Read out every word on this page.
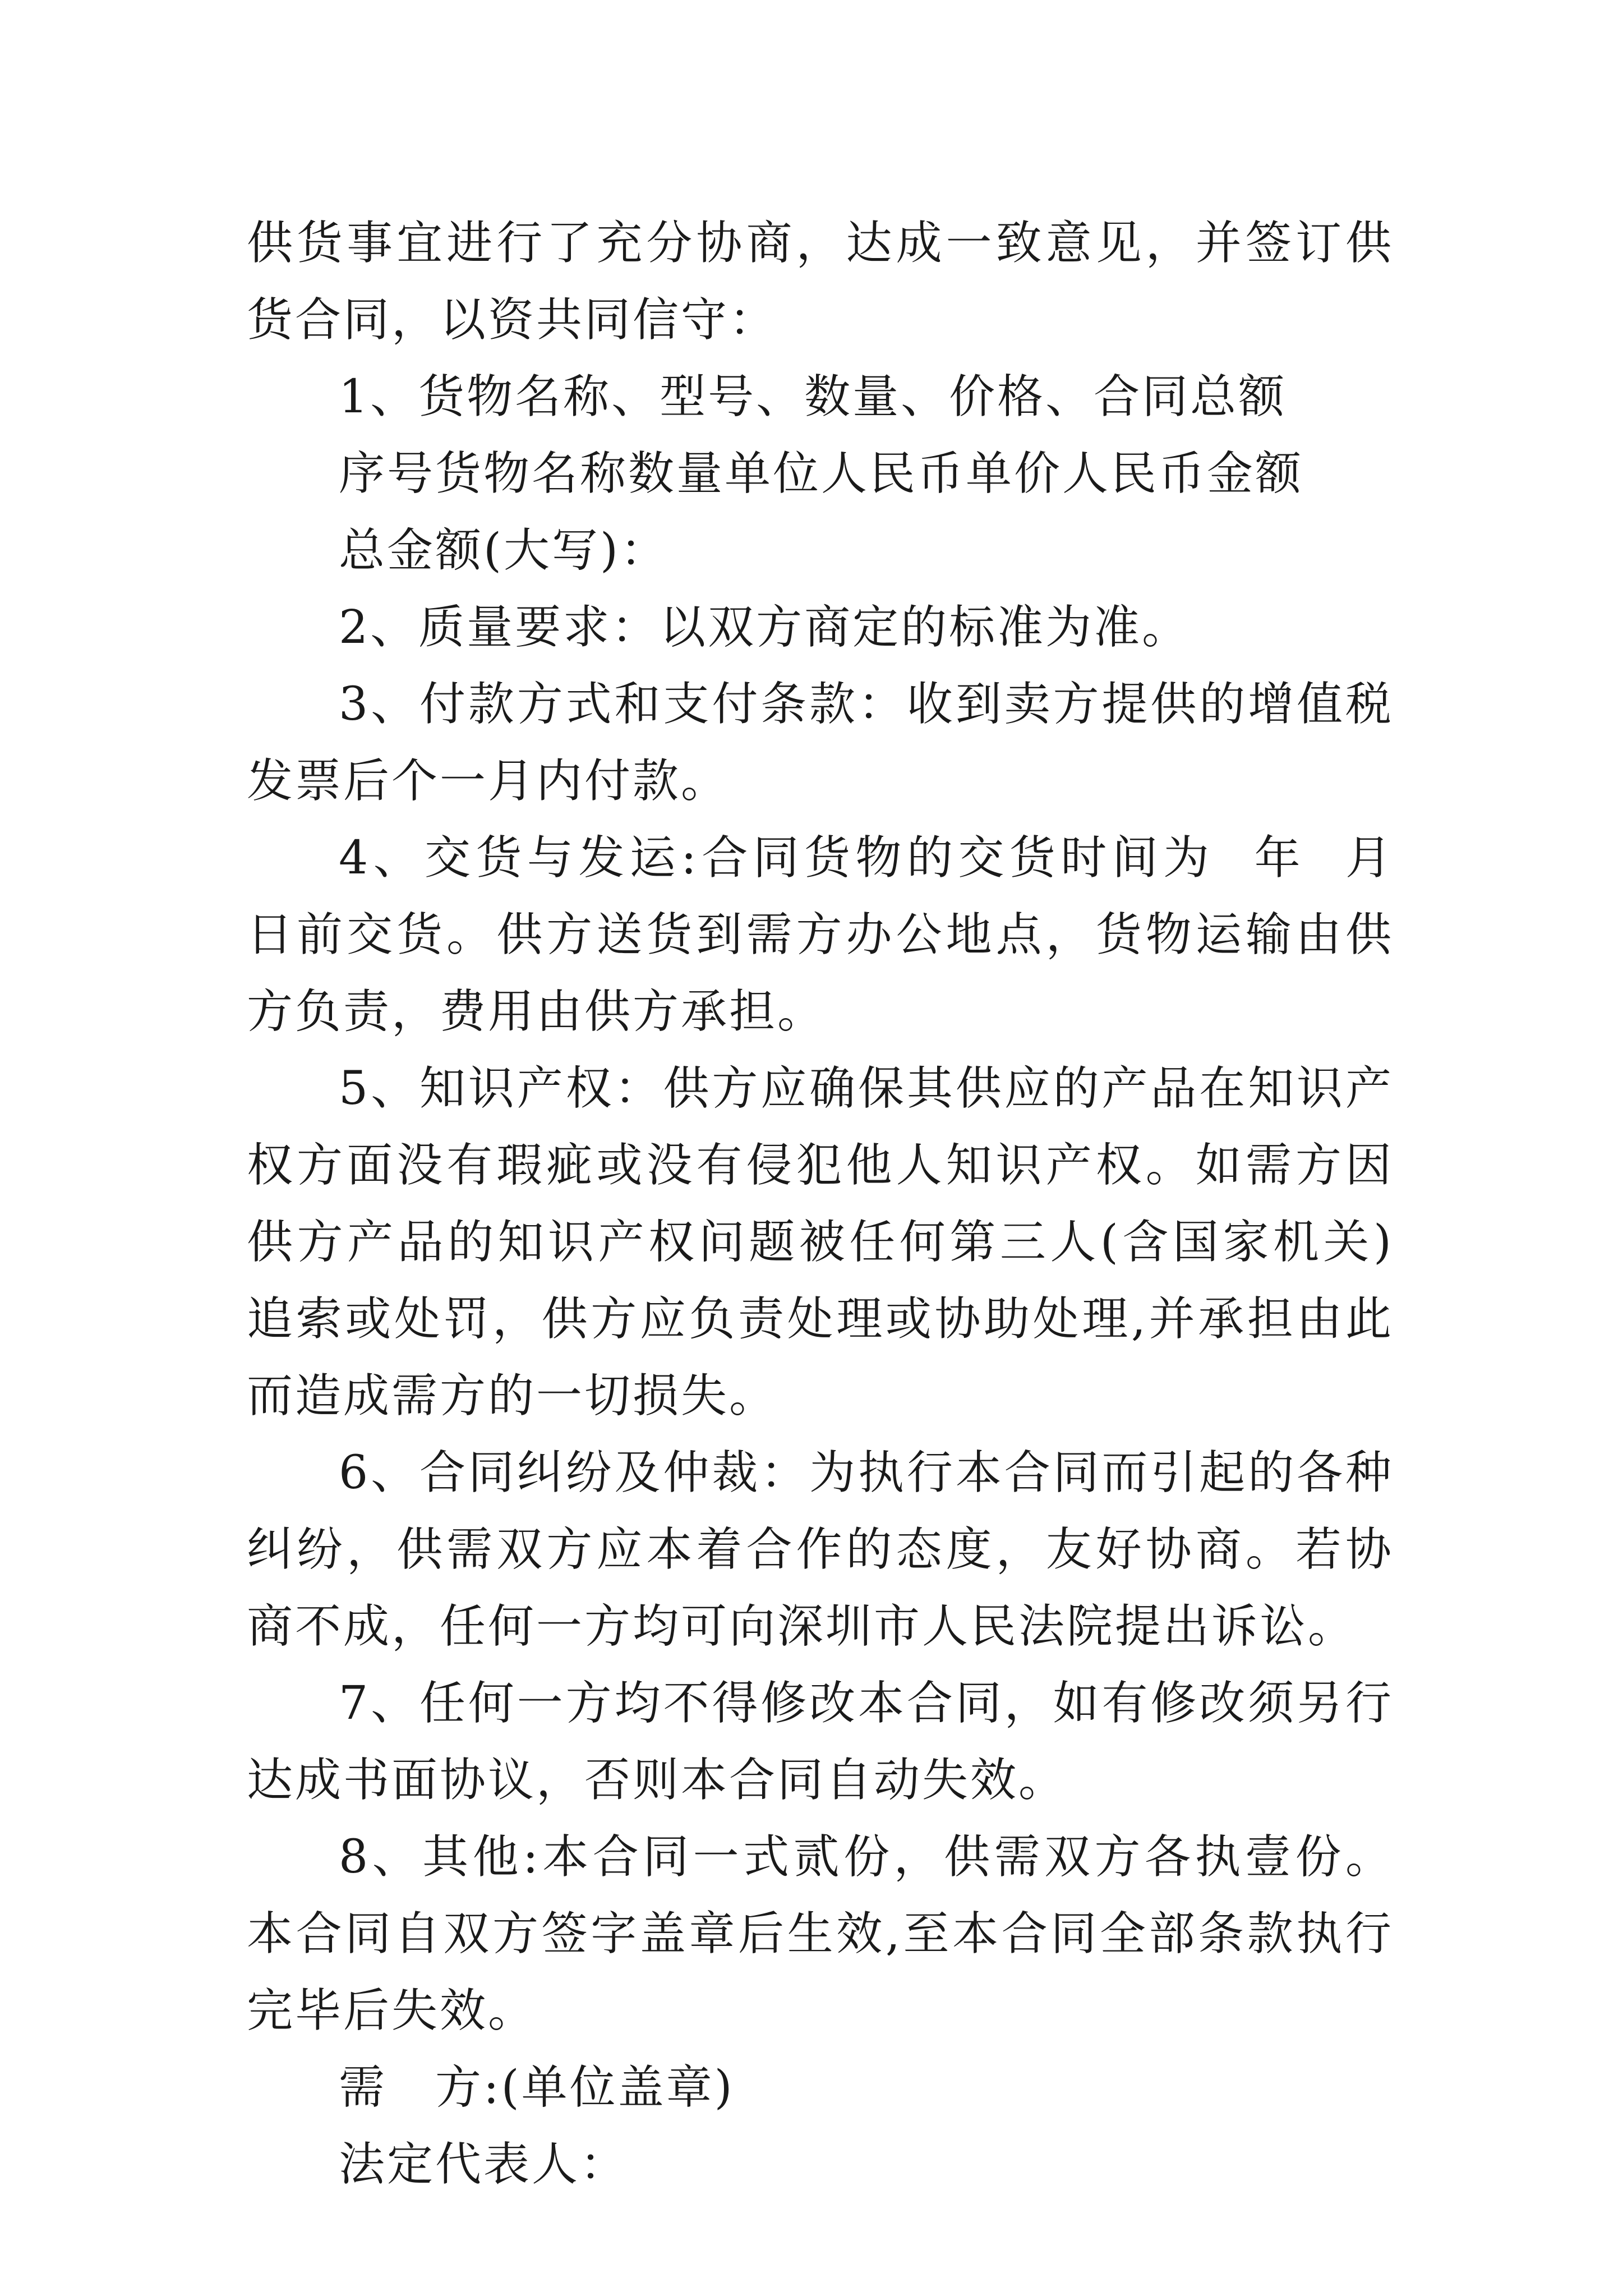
供货事宜进行了充分协商，达成一致意见，并签订供货合同，以资共同信守：

1、货物名称、型号、数量、价格、合同总额

序号货物名称数量单位人民币单价人民币金额

总金额(大写)：

2、质量要求：以双方商定的标准为准。

3、付款方式和支付条款：收到卖方提供的增值税发票后个一月内付款。

4、交货与发运:合同货物的交货时间为  年  月  日前交货。供方送货到需方办公地点，货物运输由供方负责，费用由供方承担。

5、知识产权：供方应确保其供应的产品在知识产权方面没有瑕疵或没有侵犯他人知识产权。如需方因供方产品的知识产权问题被任何第三人(含国家机关)追索或处罚，供方应负责处理或协助处理,并承担由此而造成需方的一切损失。

6、合同纠纷及仲裁：为执行本合同而引起的各种纠纷，供需双方应本着合作的态度，友好协商。若协商不成，任何一方均可向深圳市人民法院提出诉讼。

7、任何一方均不得修改本合同，如有修改须另行达成书面协议，否则本合同自动失效。

8、其他:本合同一式贰份，供需双方各执壹份。本合同自双方签字盖章后生效,至本合同全部条款执行完毕后失效。

需　方:(单位盖章)

法定代表人：
